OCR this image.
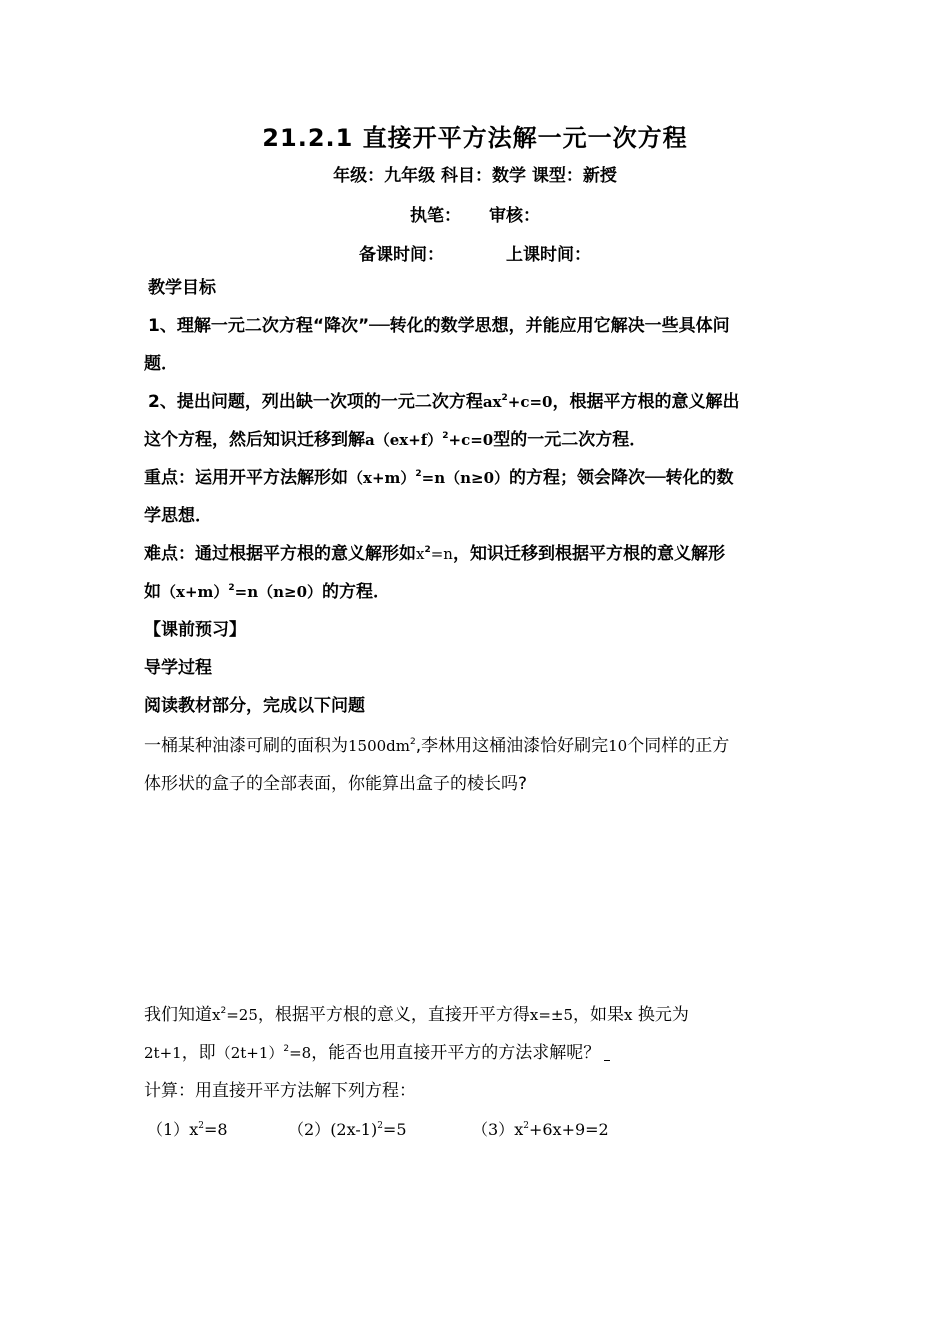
21.2.1 直接开平方法解一元一次方程
年级：九年级 科目：数学 课型：新授
执笔： 审核：
备课时间：	上课时间：
教学目标
1、理解一元二次方程“降次”──转化的数学思想，并能应用它解决一些具体问
题．
2、提出问题，列出缺一次项的一元二次方程$ax^2+c=0$，根据平方根的意义解出
这个方程，然后知识迁移到解$a(ex+f)^2+c=0$型的一元二次方程．
重点：运用开平方法解形如$(x+m)^2=n(n\ge 0)$的方程；领会降次──转化的数
学思想．
难点：通过根据平方根的意义解形如$x^2=n$，知识迁移到根据平方根的意义解形
如$(x+m)^2=n(n\ge 0)$的方程．
【课前预习】
导学过程
阅读教材部分，完成以下问题
一桶某种油漆可刷的面积为$1500dm^2$,李林用这桶油漆恰好刷完10个同样的正方
体形状的盒子的全部表面，你能算出盒子的棱长吗?
我们知道$x^2=25$，根据平方根的意义，直接开平方得x=±5，如果x 换元为
2t+1，即$(2t+1)^2=8$，能否也用直接开平方的方法求解呢？
计算：用直接开平方法解下列方程：
$(1)x^2=8$	$(2)(2x-1)^2=5$	$(3)x^2+6x+9=2$
